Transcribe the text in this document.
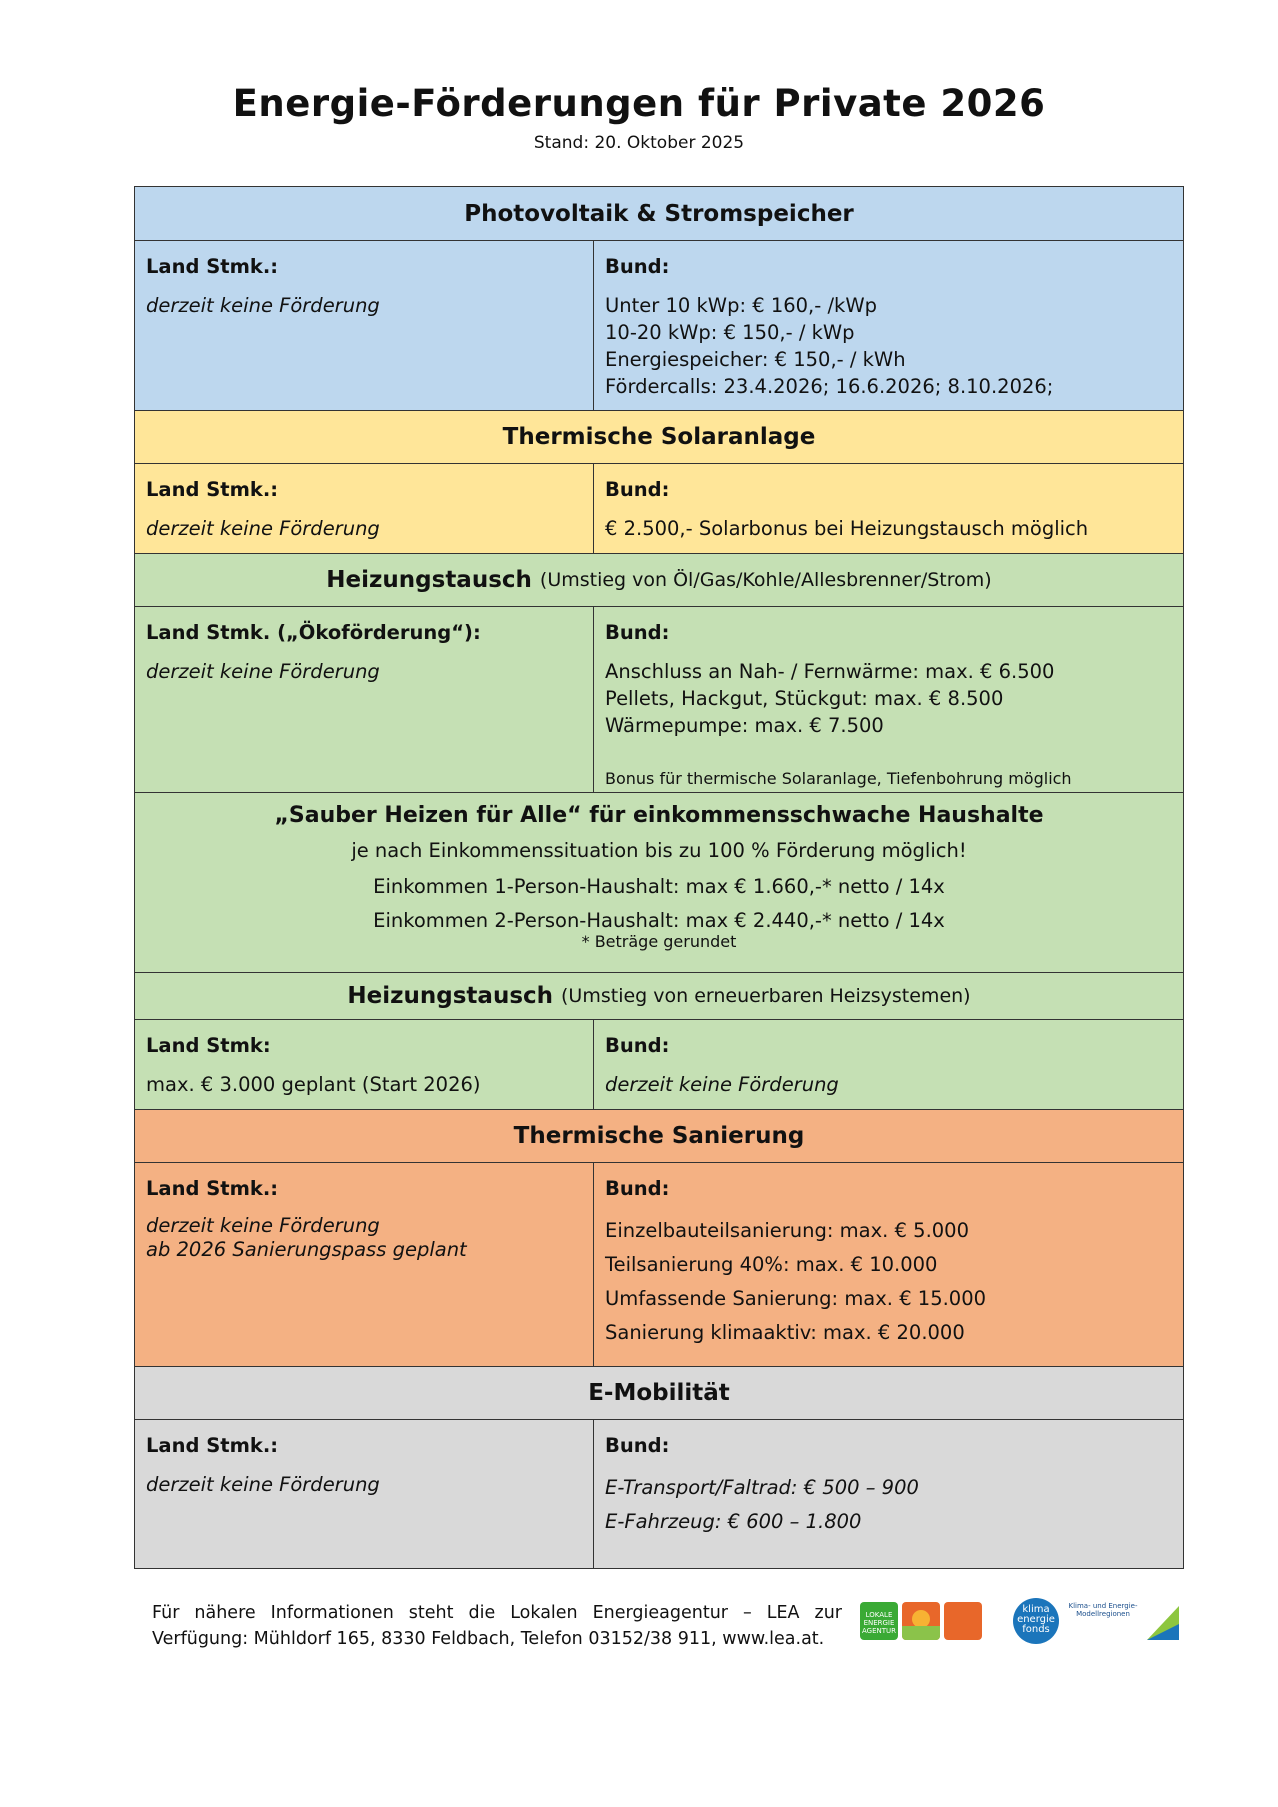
Energie-Förderungen für Private 2026
Stand: 20. Oktober 2025
Photovoltaik & Stromspeicher
Land Stmk.:
derzeit keine Förderung
Bund:
Unter 10 kWp: € 160,- /kWp
10-20 kWp: € 150,- / kWp
Energiespeicher: € 150,- / kWh
Fördercalls: 23.4.2026; 16.6.2026; 8.10.2026;
Thermische Solaranlage
Land Stmk.:
derzeit keine Förderung
Bund:
€ 2.500,- Solarbonus bei Heizungstausch möglich
Heizungstausch (Umstieg von Öl/Gas/Kohle/Allesbrenner/Strom)
Land Stmk. („Ökoförderung“):
derzeit keine Förderung
Bund:
Anschluss an Nah- / Fernwärme: max. € 6.500
Pellets, Hackgut, Stückgut: max. € 8.500
Wärmepumpe: max. € 7.500
Bonus für thermische Solaranlage, Tiefenbohrung möglich
„Sauber Heizen für Alle“ für einkommensschwache Haushalte
je nach Einkommenssituation bis zu 100 % Förderung möglich!
Einkommen 1-Person-Haushalt: max € 1.660,-* netto / 14x
Einkommen 2-Person-Haushalt: max € 2.440,-* netto / 14x
* Beträge gerundet
Heizungstausch (Umstieg von erneuerbaren Heizsystemen)
Land Stmk:
max. € 3.000 geplant (Start 2026)
Bund:
derzeit keine Förderung
Thermische Sanierung
Land Stmk.:
derzeit keine Förderung
ab 2026 Sanierungspass geplant
Bund:
Einzelbauteilsanierung: max. € 5.000
Teilsanierung 40%: max. € 10.000
Umfassende Sanierung: max. € 15.000
Sanierung klimaaktiv: max. € 20.000
E-Mobilität
Land Stmk.:
derzeit keine Förderung
Bund:
E-Transport/Faltrad: € 500 – 900
E-Fahrzeug: € 600 – 1.800
Für nähere Informationen steht die Lokalen Energieagentur – LEA zur
Verfügung: Mühldorf 165, 8330 Feldbach, Telefon 03152/38 911, www.lea.at.
LOKALE ENERGIE AGENTUR
klima
energie
fonds
Klima- und Energie-Modellregionen
